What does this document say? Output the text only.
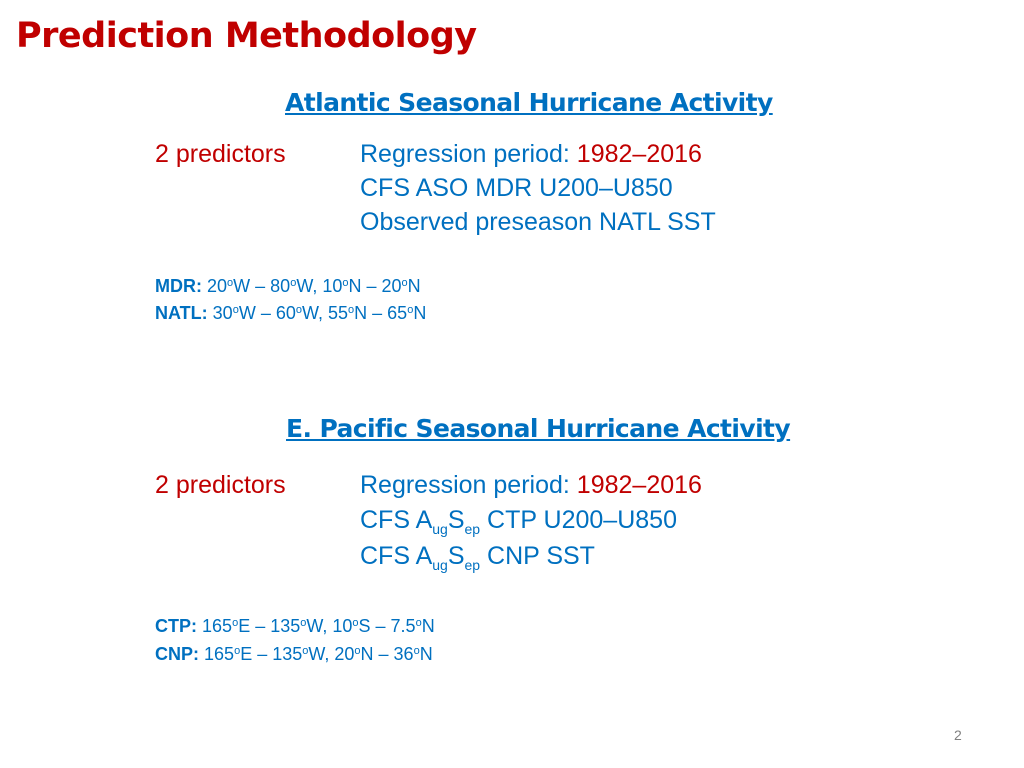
Prediction Methodology
Atlantic Seasonal Hurricane Activity
2 predictors	Regression period: 1982–2016
CFS ASO MDR U200–U850
Observed preseason NATL SST
MDR: 20$^o$W – 80$^o$W, 10$^o$N – 20$^o$N
NATL: 30$^o$W – 60$^o$W, 55$^o$N – 65$^o$N
E. Pacific Seasonal Hurricane Activity
2 predictors	Regression period: 1982–2016
CFS $A_{ug}S_{ep}$ CTP U200–U850
CFS $A_{ug}S_{ep}$ CNP SST
CTP: 165$^o$E – 135$^o$W, 10$^o$S – 7.5$^o$N
CNP: 165$^o$E – 135$^o$W, 20$^o$N – 36$^o$N
2
